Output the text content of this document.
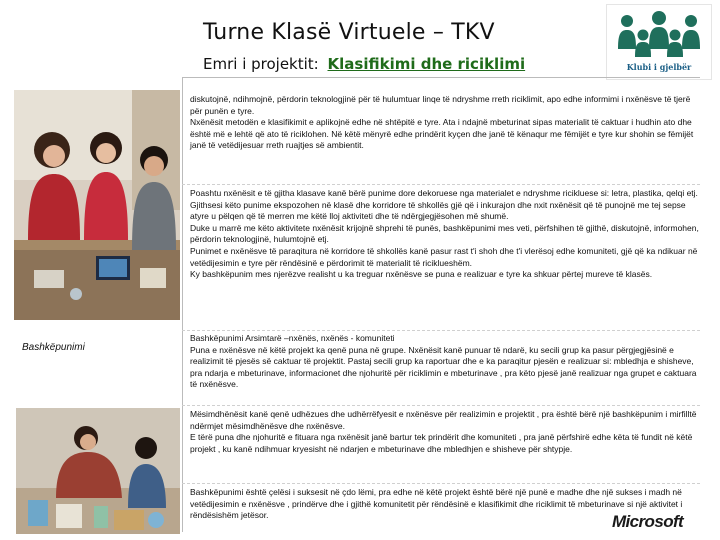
Turne Klasë Virtuele – TKV
Emri i projektit: Klasifikimi dhe riciklimi	Klubi i gjelbër
Bashkëpunimi
diskutojnë, ndihmojnë, përdorin teknologjinë për të hulumtuar linqe të ndryshme rreth riciklimit, apo edhe informimi i nxënësve të tjerë për punën e tyre.
Nxënësit metodën e klasifikimit e aplikojnë edhe në shtëpitë e tyre. Ata i ndajnë mbeturinat sipas materialit të caktuar i hudhin ato dhe është më e lehtë që ato të riciklohen. Në këtë mënyrë edhe prindërit kyçen dhe janë të kënaqur me fëmijët e tyre kur shohin se fëmijët janë të vetëdijesuar rreth ruajtjes së ambientit.
Poashtu nxënësit e të gjitha klasave kanë bërë punime dore dekoruese nga materialet e ndryshme ricikluese si: letra, plastika, qelqi etj. Gjithsesi këto punime ekspozohen në klasë dhe korridore të shkollës gjë që i inkurajon dhe nxit nxënësit që të punojnë me tej sepse atyre u pëlqen që të merren me këtë lloj aktiviteti dhe të ndërgjegjësohen më shumë.
Duke u marrë me këto aktivitete nxënësit krijojnë shprehi të punës, bashkëpunimi mes veti, përfshihen të gjithë, diskutojnë, informohen, përdorin teknologjinë, hulumtojnë etj.
Punimet e nxënësve të paraqitura në korridore të shkollës kanë pasur rast t'i shoh dhe t'i vlerësoj edhe komuniteti, gjë që ka ndikuar në vetëdijesimin e tyre për rëndësinë e përdorimit të materialit të riciklueshëm.
Ky bashkëpunim mes njerëzve realisht u ka treguar nxënësve se puna e realizuar e tyre ka shkuar përtej mureve të klasës.
Bashkëpunimi Arsimtarë –nxënës, nxënës - komuniteti
Puna e nxënësve në këtë projekt ka qenë puna në grupe. Nxënësit kanë punuar të ndarë, ku secili grup ka pasur përgjegjësinë e realizimit të pjesës së caktuar të projektit. Pastaj secili grup ka raportuar dhe e ka paraqitur pjesën e realizuar si: mbledhja e shisheve, pra ndarja e mbeturinave, informacionet dhe njohuritë për riciklimin e mbeturinave , pra këto pjesë janë realizuar nga grupet e caktuara të nxënësve.
Mësimdhënësit kanë qenë udhëzues dhe udhërrëfyesit e nxënësve për realizimin e projektit , pra është bërë një bashkëpunim i mirfilltë ndërmjet mësimdhënësve dhe nxënësve.
E tërë puna dhe njohuritë e fituara nga nxënësit janë bartur tek prindërit dhe komuniteti , pra janë përfshirë edhe këta të fundit në këtë projekt , ku kanë ndihmuar kryesisht në ndarjen e mbeturinave dhe mbledhjen e shisheve për shtypje.
Bashkëpunimi është çelësi i suksesit në çdo lëmi, pra edhe në këtë projekt është bërë një punë e madhe dhe një sukses i madh në vetëdijesimin e nxënësve , prindërve dhe i gjithë komunitetit për rëndësinë e klasifikimit dhe riciklimit të mbeturinave si një aktivitet i rëndësishëm jetësor.	Microsoft
